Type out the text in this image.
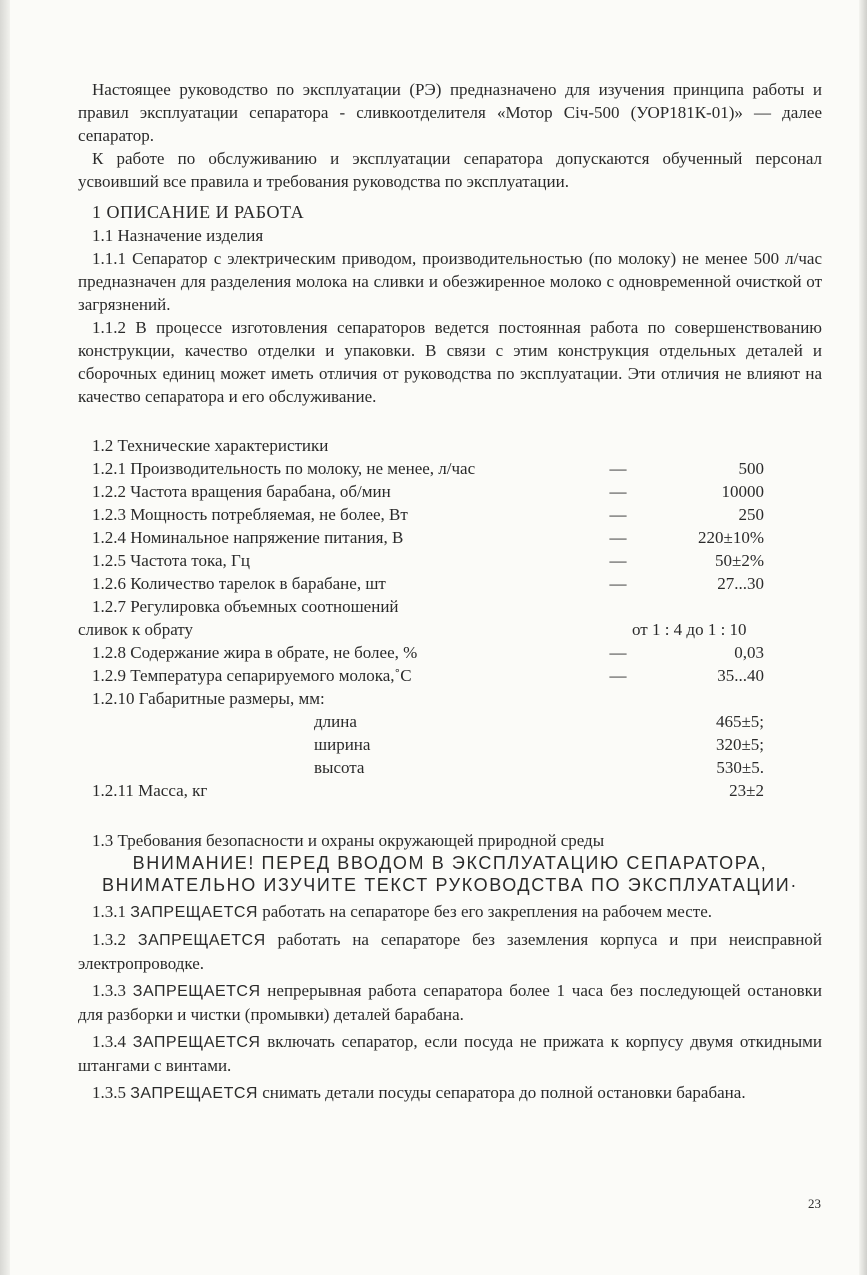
Настоящее руководство по эксплуатации (РЭ) предназначено для изучения принципа работы и правил эксплуатации сепаратора - сливкоотделителя «Мотор Січ-500 (УОР181К-01)» — далее сепаратор.

К работе по обслуживанию и эксплуатации сепаратора допускаются обученный персонал усвоивший все правила и требования руководства по эксплуатации.

1 ОПИСАНИЕ И РАБОТА

1.1 Назначение изделия

1.1.1 Сепаратор с электрическим приводом, производительностью (по молоку) не менее 500 л/час предназначен для разделения молока на сливки и обезжиренное молоко с одновременной очисткой от загрязнений.

1.1.2 В процессе изготовления сепараторов ведется постоянная работа по совершенствованию конструкции, качество отделки и упаковки. В связи с этим конструкция отдельных деталей и сборочных единиц может иметь отличия от руководства по эксплуатации. Эти отличия не влияют на качество сепаратора и его обслуживание.

1.2 Технические характеристики
1.2.1 Производительность по молоку, не менее, л/час	—	500
1.2.2 Частота вращения барабана, об/мин	—	10000
1.2.3 Мощность потребляемая, не более, Вт	—	250
1.2.4 Номинальное напряжение питания, В	—	220±10%
1.2.5 Частота тока, Гц	—	50±2%
1.2.6 Количество тарелок в барабане, шт	—	27...30
1.2.7 Регулировка объемных соотношений
сливок к обрату	от 1 : 4 до 1 : 10
1.2.8 Содержание жира в обрате, не более, %	—	0,03
1.2.9 Температура сепарируемого молока,˚С	—	35...40
1.2.10 Габаритные размеры, мм:
длина	465±5;
ширина	320±5;
высота	530±5.
1.2.11 Масса, кг	23±2

1.3 Требования безопасности и охраны окружающей природной среды

ВНИМАНИЕ! ПЕРЕД ВВОДОМ В ЭКСПЛУАТАЦИЮ СЕПАРАТОРА,
ВНИМАТЕЛЬНО ИЗУЧИТЕ ТЕКСТ РУКОВОДСТВА ПО ЭКСПЛУАТАЦИИ·

1.3.1 ЗАПРЕЩАЕТСЯ работать на сепараторе без его закрепления на рабочем месте.

1.3.2 ЗАПРЕЩАЕТСЯ работать на сепараторе без заземления корпуса и при неисправной электропроводке.

1.3.3 ЗАПРЕЩАЕТСЯ непрерывная работа сепаратора более 1 часа без последующей остановки для разборки и чистки (промывки) деталей барабана.

1.3.4 ЗАПРЕЩАЕТСЯ включать сепаратор, если посуда не прижата к корпусу двумя откидными штангами с винтами.

1.3.5 ЗАПРЕЩАЕТСЯ снимать детали посуды сепаратора до полной остановки барабана.

23
